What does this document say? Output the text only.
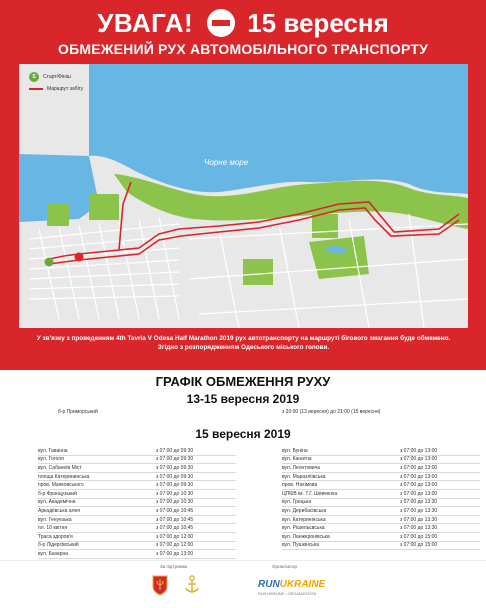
УВАГА! 15 вересня
ОБМЕЖЕНИЙ РУХ АВТОМОБІЛЬНОГО ТРАНСПОРТУ
S	Старт/Фініш
Маршрут забігу
Чорне море
У зв'язку з проведенням 4th Tavria V Odesa Half Marathon 2019 рух автотранспорту на маршруті бігового змагання буде обмежено.
Згідно з розпорядженням Одеського міського голови.
ГРАФІК ОБМЕЖЕННЯ РУХУ
13-15 вересня 2019
б-р Приморський	з 20:00 (13 вересня) до 21:00 (15 вересня)
15 вересня 2019
вул. Гаванна	з 07:00 до 09:30
вул. Гоголя	з 07:00 до 09:30
вул. Сабанеїв Міст	з 07:00 до 09:30
площа Катерининська	з 07:00 до 09:30
пров. Маяковського	з 07:00 до 09:30
б-р Французький	з 07:00 до 10:30
вул. Академічна	з 07:00 до 10:30
Аркадіївська алея	з 07:00 до 10:45
вул. Генуезька	з 07:00 до 10:45
пл. 10 квітня	з 07:00 до 10:45
Траса здоров'я	з 07:00 до 12:00
б-р Лідерсівський	з 07:00 до 12:00
вул. Базарна	з 07:00 до 13:00
вул. Буніна	з 07:00 до 13:00
вул. Канатна	з 07:00 до 13:00
вул. Леонтовича	з 07:00 до 13:00
вул. Маразліївська	з 07:00 до 13:00
пров. Нахімова	з 07:00 до 13:00
ЦПКіВ ім. Т.Г. Шевченка	з 07:00 до 13:00
вул. Грецька	з 07:00 до 13:30
вул. Дерибасівська	з 07:00 до 13:30
вул. Катеринінська	з 07:00 до 13:30
вул. Рішельєвська	з 07:00 до 13:30
вул. Ланжеронівська	з 07:00 до 15:00
вул. Пушкінська	з 07:00 до 15:00
За підтримки	Організатор
RUNUKRAINE
RUN UKRAINE • ORGANIZATION
